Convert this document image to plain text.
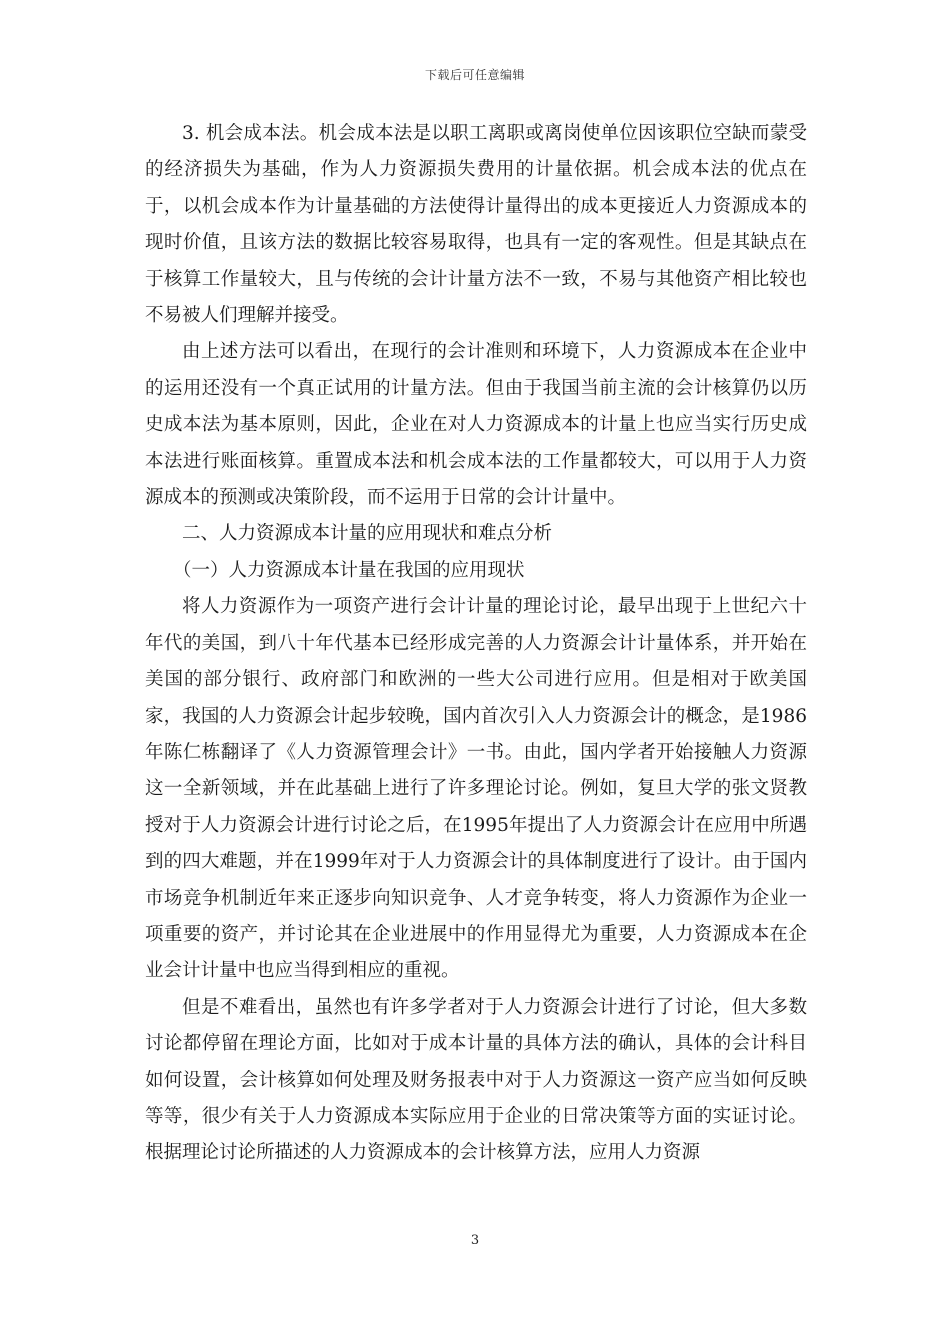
下载后可任意编辑

3. 机会成本法。机会成本法是以职工离职或离岗使单位因该职位空缺而蒙受的经济损失为基础，作为人力资源损失费用的计量依据。机会成本法的优点在于，以机会成本作为计量基础的方法使得计量得出的成本更接近人力资源成本的现时价值，且该方法的数据比较容易取得，也具有一定的客观性。但是其缺点在于核算工作量较大，且与传统的会计计量方法不一致，不易与其他资产相比较也不易被人们理解并接受。

由上述方法可以看出，在现行的会计准则和环境下，人力资源成本在企业中的运用还没有一个真正试用的计量方法。但由于我国当前主流的会计核算仍以历史成本法为基本原则，因此，企业在对人力资源成本的计量上也应当实行历史成本法进行账面核算。重置成本法和机会成本法的工作量都较大，可以用于人力资源成本的预测或决策阶段，而不运用于日常的会计计量中。

二、人力资源成本计量的应用现状和难点分析

（一）人力资源成本计量在我国的应用现状

将人力资源作为一项资产进行会计计量的理论讨论，最早出现于上世纪六十年代的美国，到八十年代基本已经形成完善的人力资源会计计量体系，并开始在美国的部分银行、政府部门和欧洲的一些大公司进行应用。但是相对于欧美国家，我国的人力资源会计起步较晚，国内首次引入人力资源会计的概念，是1986年陈仁栋翻译了《人力资源管理会计》一书。由此，国内学者开始接触人力资源这一全新领域，并在此基础上进行了许多理论讨论。例如，复旦大学的张文贤教授对于人力资源会计进行讨论之后，在1995年提出了人力资源会计在应用中所遇到的四大难题，并在1999年对于人力资源会计的具体制度进行了设计。由于国内市场竞争机制近年来正逐步向知识竞争、人才竞争转变，将人力资源作为企业一项重要的资产，并讨论其在企业进展中的作用显得尤为重要，人力资源成本在企业会计计量中也应当得到相应的重视。

但是不难看出，虽然也有许多学者对于人力资源会计进行了讨论，但大多数讨论都停留在理论方面，比如对于成本计量的具体方法的确认，具体的会计科目如何设置，会计核算如何处理及财务报表中对于人力资源这一资产应当如何反映等等，很少有关于人力资源成本实际应用于企业的日常决策等方面的实证讨论。根据理论讨论所描述的人力资源成本的会计核算方法，应用人力资源

3
